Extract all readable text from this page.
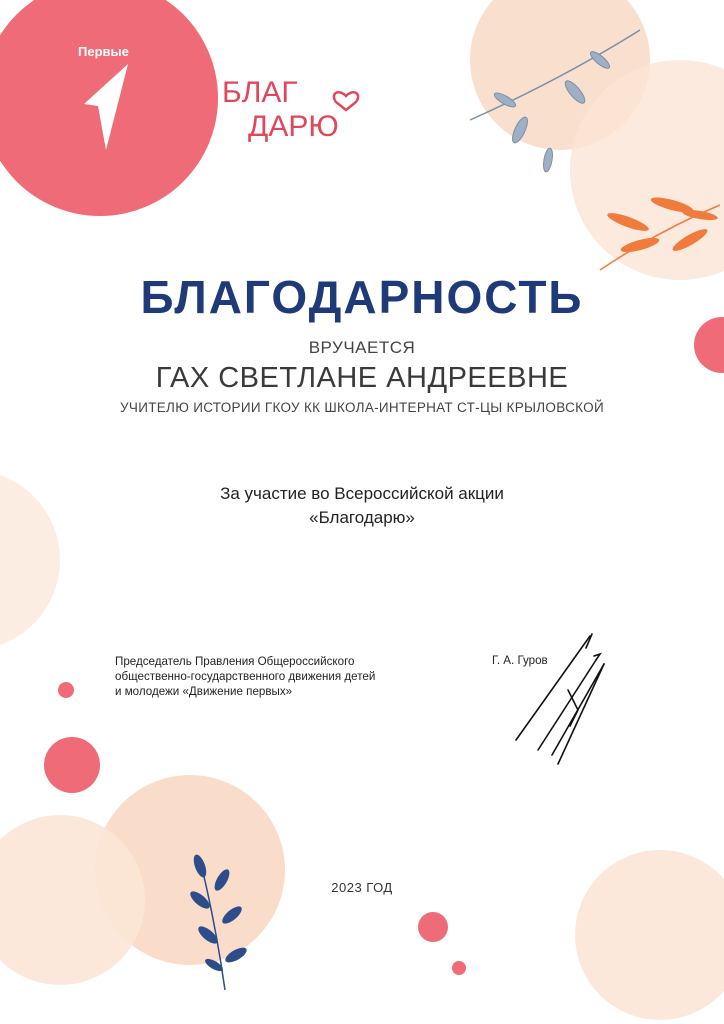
Первые
БЛАГ
ДАРЮ
БЛАГОДАРНОСТЬ
ВРУЧАЕТСЯ
ГАХ СВЕТЛАНЕ АНДРЕЕВНЕ
УЧИТЕЛЮ ИСТОРИИ ГКОУ КК ШКОЛА-ИНТЕРНАТ СТ-ЦЫ КРЫЛОВСКОЙ
За участие во Всероссийской акции
«Благодарю»
Председатель Правления Общероссийского
общественно-государственного движения детей
и молодежи «Движение первых»
Г. А. Гуров
2023 ГОД
